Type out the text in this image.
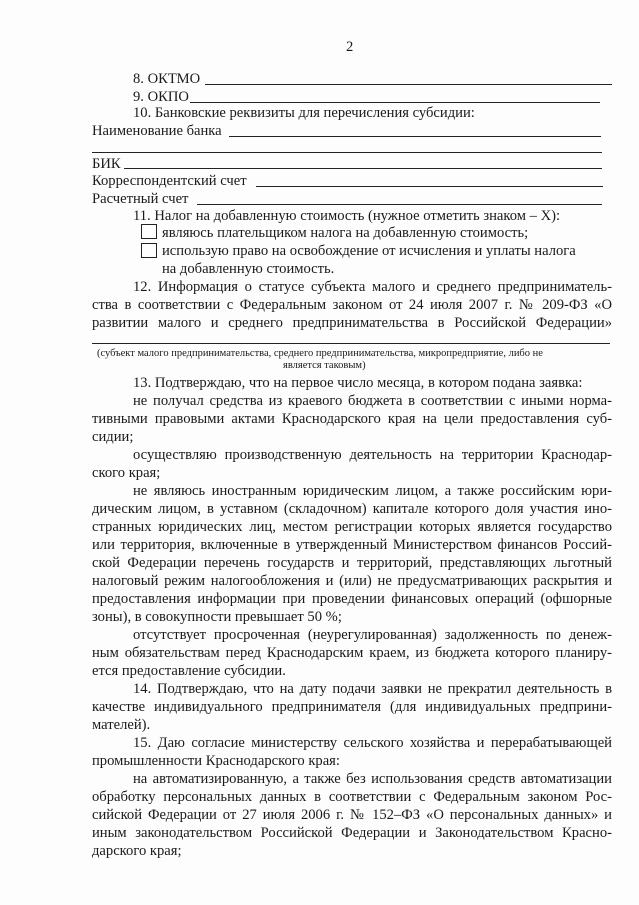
2
8. ОКТМО
9. ОКПО
10. Банковские реквизиты для перечисления субсидии:
Наименование банка
БИК
Корреспондентский счет
Расчетный счет
11. Налог на добавленную стоимость (нужное отметить знаком – X):
являюсь плательщиком налога на добавленную стоимость;
использую право на освобождение от исчисления и уплаты налога
на добавленную стоимость.
12. Информация о статусе субъекта малого и среднего предприниматель-
ства в соответствии с Федеральным законом от 24 июля 2007 г. № 209-ФЗ «О
развитии малого и среднего предпринимательства в Российской Федерации»
(субъект малого предпринимательства, среднего предпринимательства, микропредприятие, либо не
является таковым)
13. Подтверждаю, что на первое число месяца, в котором подана заявка:
не получал средства из краевого бюджета в соответствии с иными норма-
тивными правовыми актами Краснодарского края на цели предоставления суб-
сидии;
осуществляю производственную деятельность на территории Краснодар-
ского края;
не являюсь иностранным юридическим лицом, а также российским юри-
дическим лицом, в уставном (складочном) капитале которого доля участия ино-
странных юридических лиц, местом регистрации которых является государство
или территория, включенные в утвержденный Министерством финансов Россий-
ской Федерации перечень государств и территорий, представляющих льготный
налоговый режим налогообложения и (или) не предусматривающих раскрытия и
предоставления информации при проведении финансовых операций (офшорные
зоны), в совокупности превышает 50 %;
отсутствует просроченная (неурегулированная) задолженность по денеж-
ным обязательствам перед Краснодарским краем, из бюджета которого планиру-
ется предоставление субсидии.
14. Подтверждаю, что на дату подачи заявки не прекратил деятельность в
качестве индивидуального предпринимателя (для индивидуальных предприни-
мателей).
15. Даю согласие министерству сельского хозяйства и перерабатывающей
промышленности Краснодарского края:
на автоматизированную, а также без использования средств автоматизации
обработку персональных данных в соответствии с Федеральным законом Рос-
сийской Федерации от 27 июля 2006 г. № 152–ФЗ «О персональных данных» и
иным законодательством Российской Федерации и Законодательством Красно-
дарского края;
